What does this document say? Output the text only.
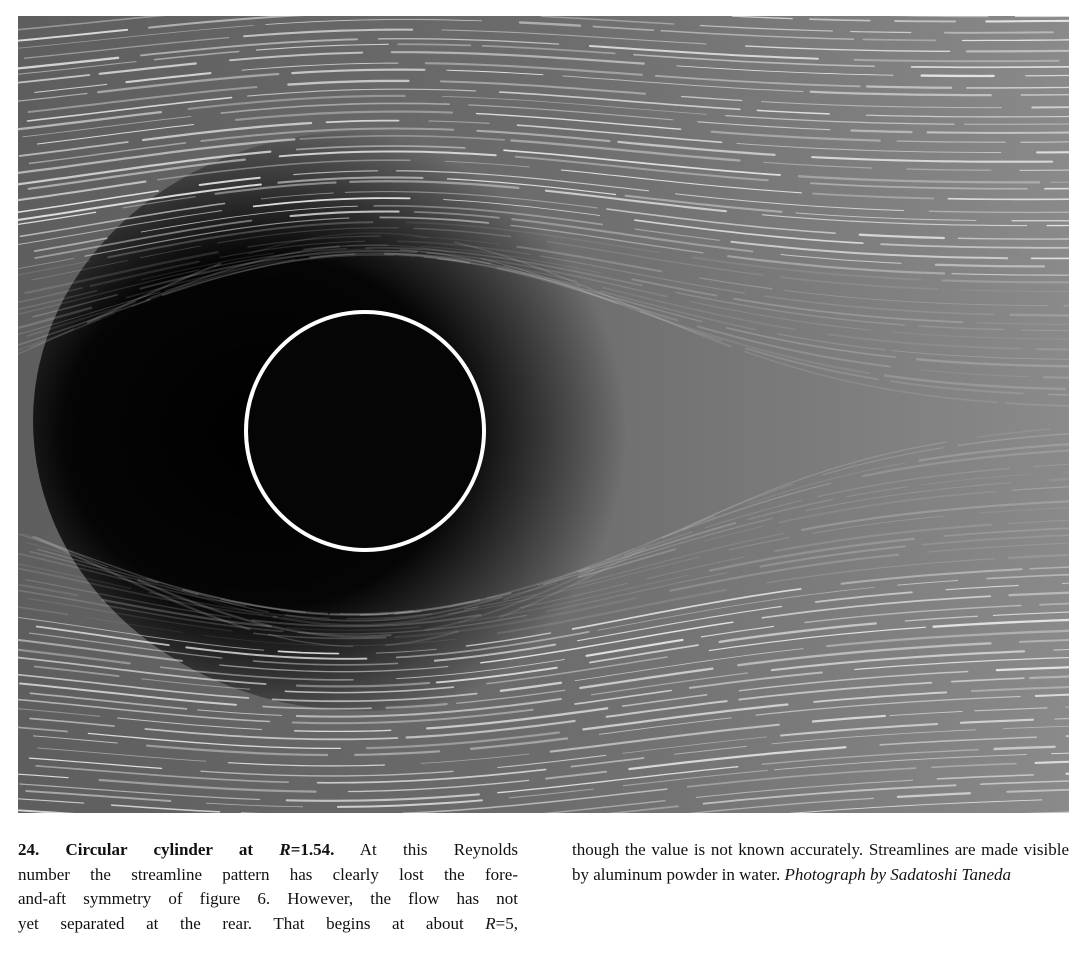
24. Circular cylinder at R=1.54. At this Reynolds
number the streamline pattern has clearly lost the fore-
and-aft symmetry of figure 6. However, the flow has not
yet separated at the rear. That begins at about R=5,
though the value is not known accurately. Streamlines are made visible by aluminum powder in water. Photograph by Sadatoshi Taneda
